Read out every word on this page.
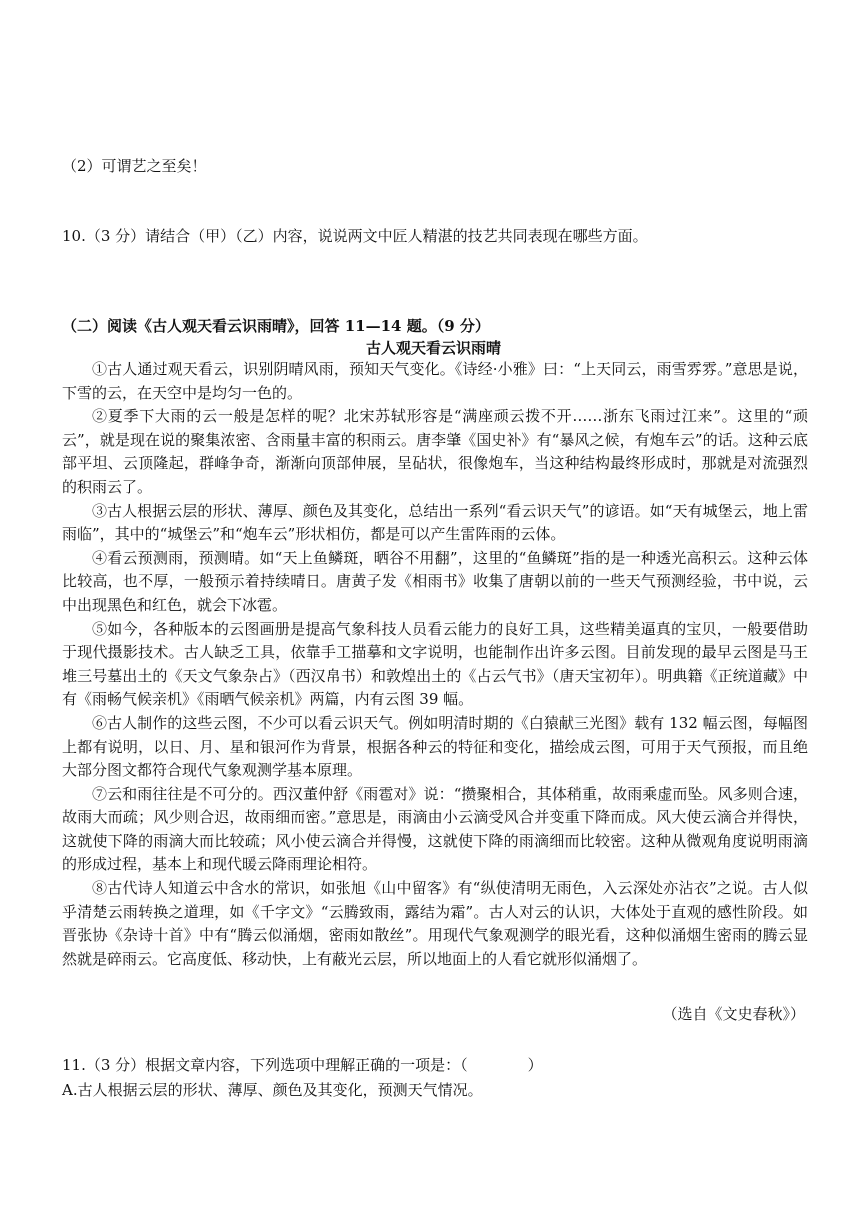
（2）可谓艺之至矣！
10.（3 分）请结合（甲）（乙）内容，说说两文中匠人精湛的技艺共同表现在哪些方面。
（二）阅读《古人观天看云识雨晴》，回答 11—14 题。（9 分）
古人观天看云识雨晴

①古人通过观天看云，识别阴晴风雨，预知天气变化。《诗经·小雅》曰：“上天同云，雨雪雰雰。”意思是说，下雪的云，在天空中是均匀一色的。

②夏季下大雨的云一般是怎样的呢？北宋苏轼形容是“满座顽云拨不开……浙东飞雨过江来”。这里的“顽云”，就是现在说的聚集浓密、含雨量丰富的积雨云。唐李肇《国史补》有“暴风之候，有炮车云”的话。这种云底部平坦、云顶隆起，群峰争奇，渐渐向顶部伸展，呈砧状，很像炮车，当这种结构最终形成时，那就是对流强烈的积雨云了。

③古人根据云层的形状、薄厚、颜色及其变化，总结出一系列“看云识天气”的谚语。如“天有城堡云，地上雷雨临”，其中的“城堡云”和“炮车云”形状相仿，都是可以产生雷阵雨的云体。

④看云预测雨，预测晴。如“天上鱼鳞斑，晒谷不用翻”，这里的“鱼鳞斑”指的是一种透光高积云。这种云体比较高，也不厚，一般预示着持续晴日。唐黄子发《相雨书》收集了唐朝以前的一些天气预测经验，书中说，云中出现黑色和红色，就会下冰雹。

⑤如今，各种版本的云图画册是提高气象科技人员看云能力的良好工具，这些精美逼真的宝贝，一般要借助于现代摄影技术。古人缺乏工具，依靠手工描摹和文字说明，也能制作出许多云图。目前发现的最早云图是马王堆三号墓出土的《天文气象杂占》（西汉帛书）和敦煌出土的《占云气书》（唐天宝初年）。明典籍《正统道藏》中有《雨畅气候亲机》《雨晒气候亲机》两篇，内有云图 39 幅。

⑥古人制作的这些云图，不少可以看云识天气。例如明清时期的《白猿献三光图》载有 132 幅云图，每幅图上都有说明，以日、月、星和银河作为背景，根据各种云的特征和变化，描绘成云图，可用于天气预报，而且绝大部分图文都符合现代气象观测学基本原理。

⑦云和雨往往是不可分的。西汉董仲舒《雨雹对》说：“攒聚相合，其体稍重，故雨乘虚而坠。风多则合速，故雨大而疏；风少则合迟，故雨细而密。”意思是，雨滴由小云滴受风合并变重下降而成。风大使云滴合并得快，这就使下降的雨滴大而比较疏；风小使云滴合并得慢，这就使下降的雨滴细而比较密。这种从微观角度说明雨滴的形成过程，基本上和现代暖云降雨理论相符。

⑧古代诗人知道云中含水的常识，如张旭《山中留客》有“纵使清明无雨色，入云深处亦沾衣”之说。古人似乎清楚云雨转换之道理，如《千字文》“云腾致雨，露结为霜”。古人对云的认识，大体处于直观的感性阶段。如晋张协《杂诗十首》中有“腾云似涌烟，密雨如散丝”。用现代气象观测学的眼光看，这种似涌烟生密雨的腾云显然就是碎雨云。它高度低、移动快，上有蔽光云层，所以地面上的人看它就形似涌烟了。

（选自《文史春秋》）
11.（3 分）根据文章内容，下列选项中理解正确的一项是：（　　　　）
A.古人根据云层的形状、薄厚、颜色及其变化，预测天气情况。
